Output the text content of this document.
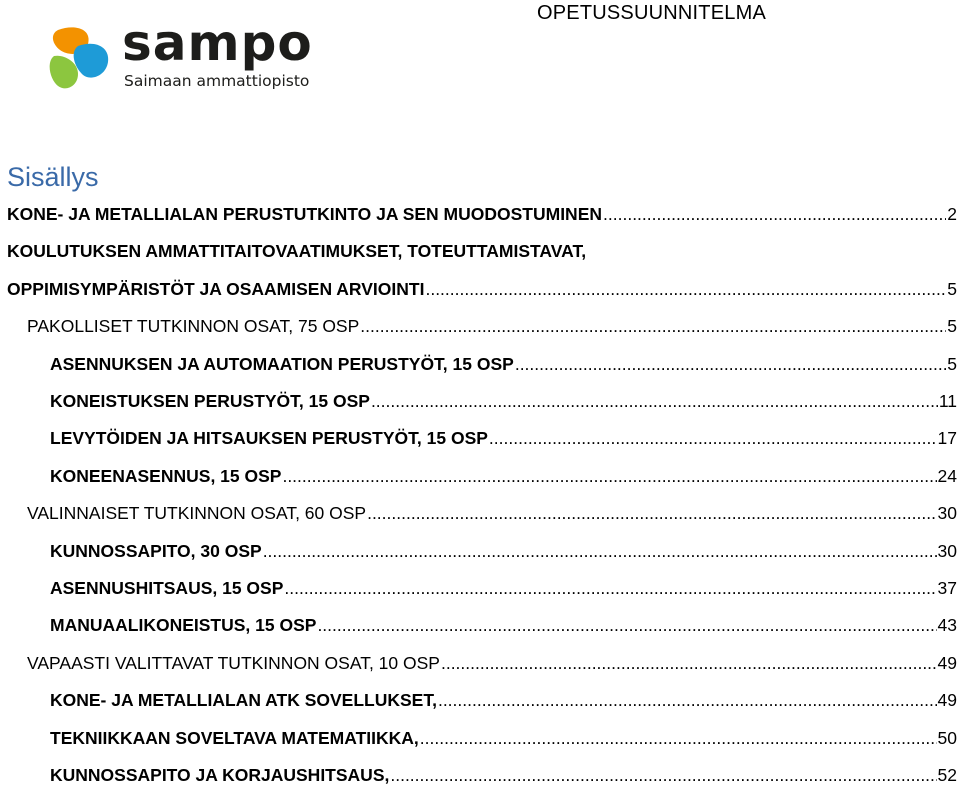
OPETUSSUUNNITELMA
sampo
Saimaan ammattiopisto
Sisällys
KONE- JA METALLIALAN PERUSTUTKINTO JA SEN MUODOSTUMINEN .....	2
KOULUTUKSEN AMMATTITAITOVAATIMUKSET, TOTEUTTAMISTAVAT,
OPPIMISYMPÄRISTÖT JA OSAAMISEN ARVIOINTI .....	5
PAKOLLISET TUTKINNON OSAT, 75 OSP .....	5
ASENNUKSEN JA AUTOMAATION PERUSTYÖT, 15 OSP .....	5
KONEISTUKSEN PERUSTYÖT, 15 OSP .....	11
LEVYTÖIDEN JA HITSAUKSEN PERUSTYÖT, 15 OSP .....	17
KONEENASENNUS, 15 OSP .....	24
VALINNAISET TUTKINNON OSAT, 60 OSP .....	30
KUNNOSSAPITO, 30 OSP .....	30
ASENNUSHITSAUS, 15 OSP .....	37
MANUAALIKONEISTUS, 15 OSP .....	43
VAPAASTI VALITTAVAT TUTKINNON OSAT, 10 OSP .....	49
KONE- JA METALLIALAN ATK SOVELLUKSET, .....	49
TEKNIIKKAAN SOVELTAVA MATEMATIIKKA, .....	50
KUNNOSSAPITO JA KORJAUSHITSAUS, .....	52
